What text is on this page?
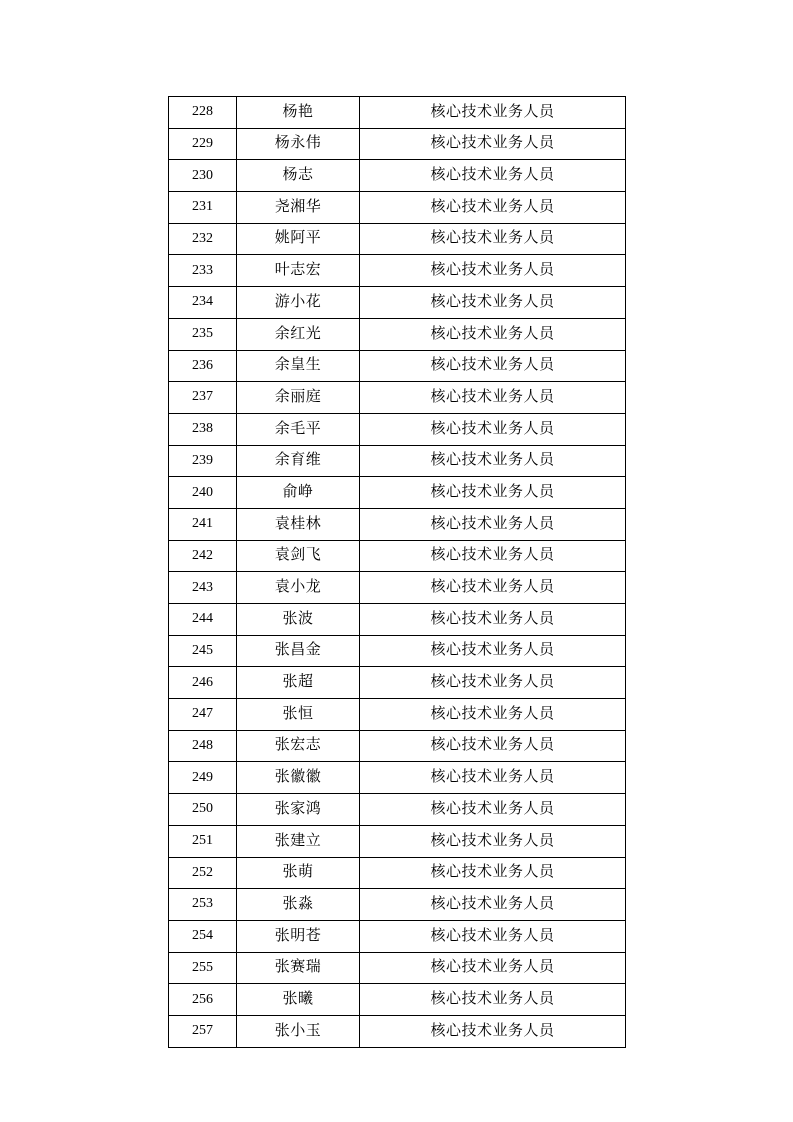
228	杨艳	核心技术业务人员
229	杨永伟	核心技术业务人员
230	杨志	核心技术业务人员
231	尧湘华	核心技术业务人员
232	姚阿平	核心技术业务人员
233	叶志宏	核心技术业务人员
234	游小花	核心技术业务人员
235	余红光	核心技术业务人员
236	余皇生	核心技术业务人员
237	余丽庭	核心技术业务人员
238	余毛平	核心技术业务人员
239	余育维	核心技术业务人员
240	俞峥	核心技术业务人员
241	袁桂林	核心技术业务人员
242	袁剑飞	核心技术业务人员
243	袁小龙	核心技术业务人员
244	张波	核心技术业务人员
245	张昌金	核心技术业务人员
246	张超	核心技术业务人员
247	张恒	核心技术业务人员
248	张宏志	核心技术业务人员
249	张徽徽	核心技术业务人员
250	张家鸿	核心技术业务人员
251	张建立	核心技术业务人员
252	张萌	核心技术业务人员
253	张淼	核心技术业务人员
254	张明苍	核心技术业务人员
255	张赛瑞	核心技术业务人员
256	张曦	核心技术业务人员
257	张小玉	核心技术业务人员
